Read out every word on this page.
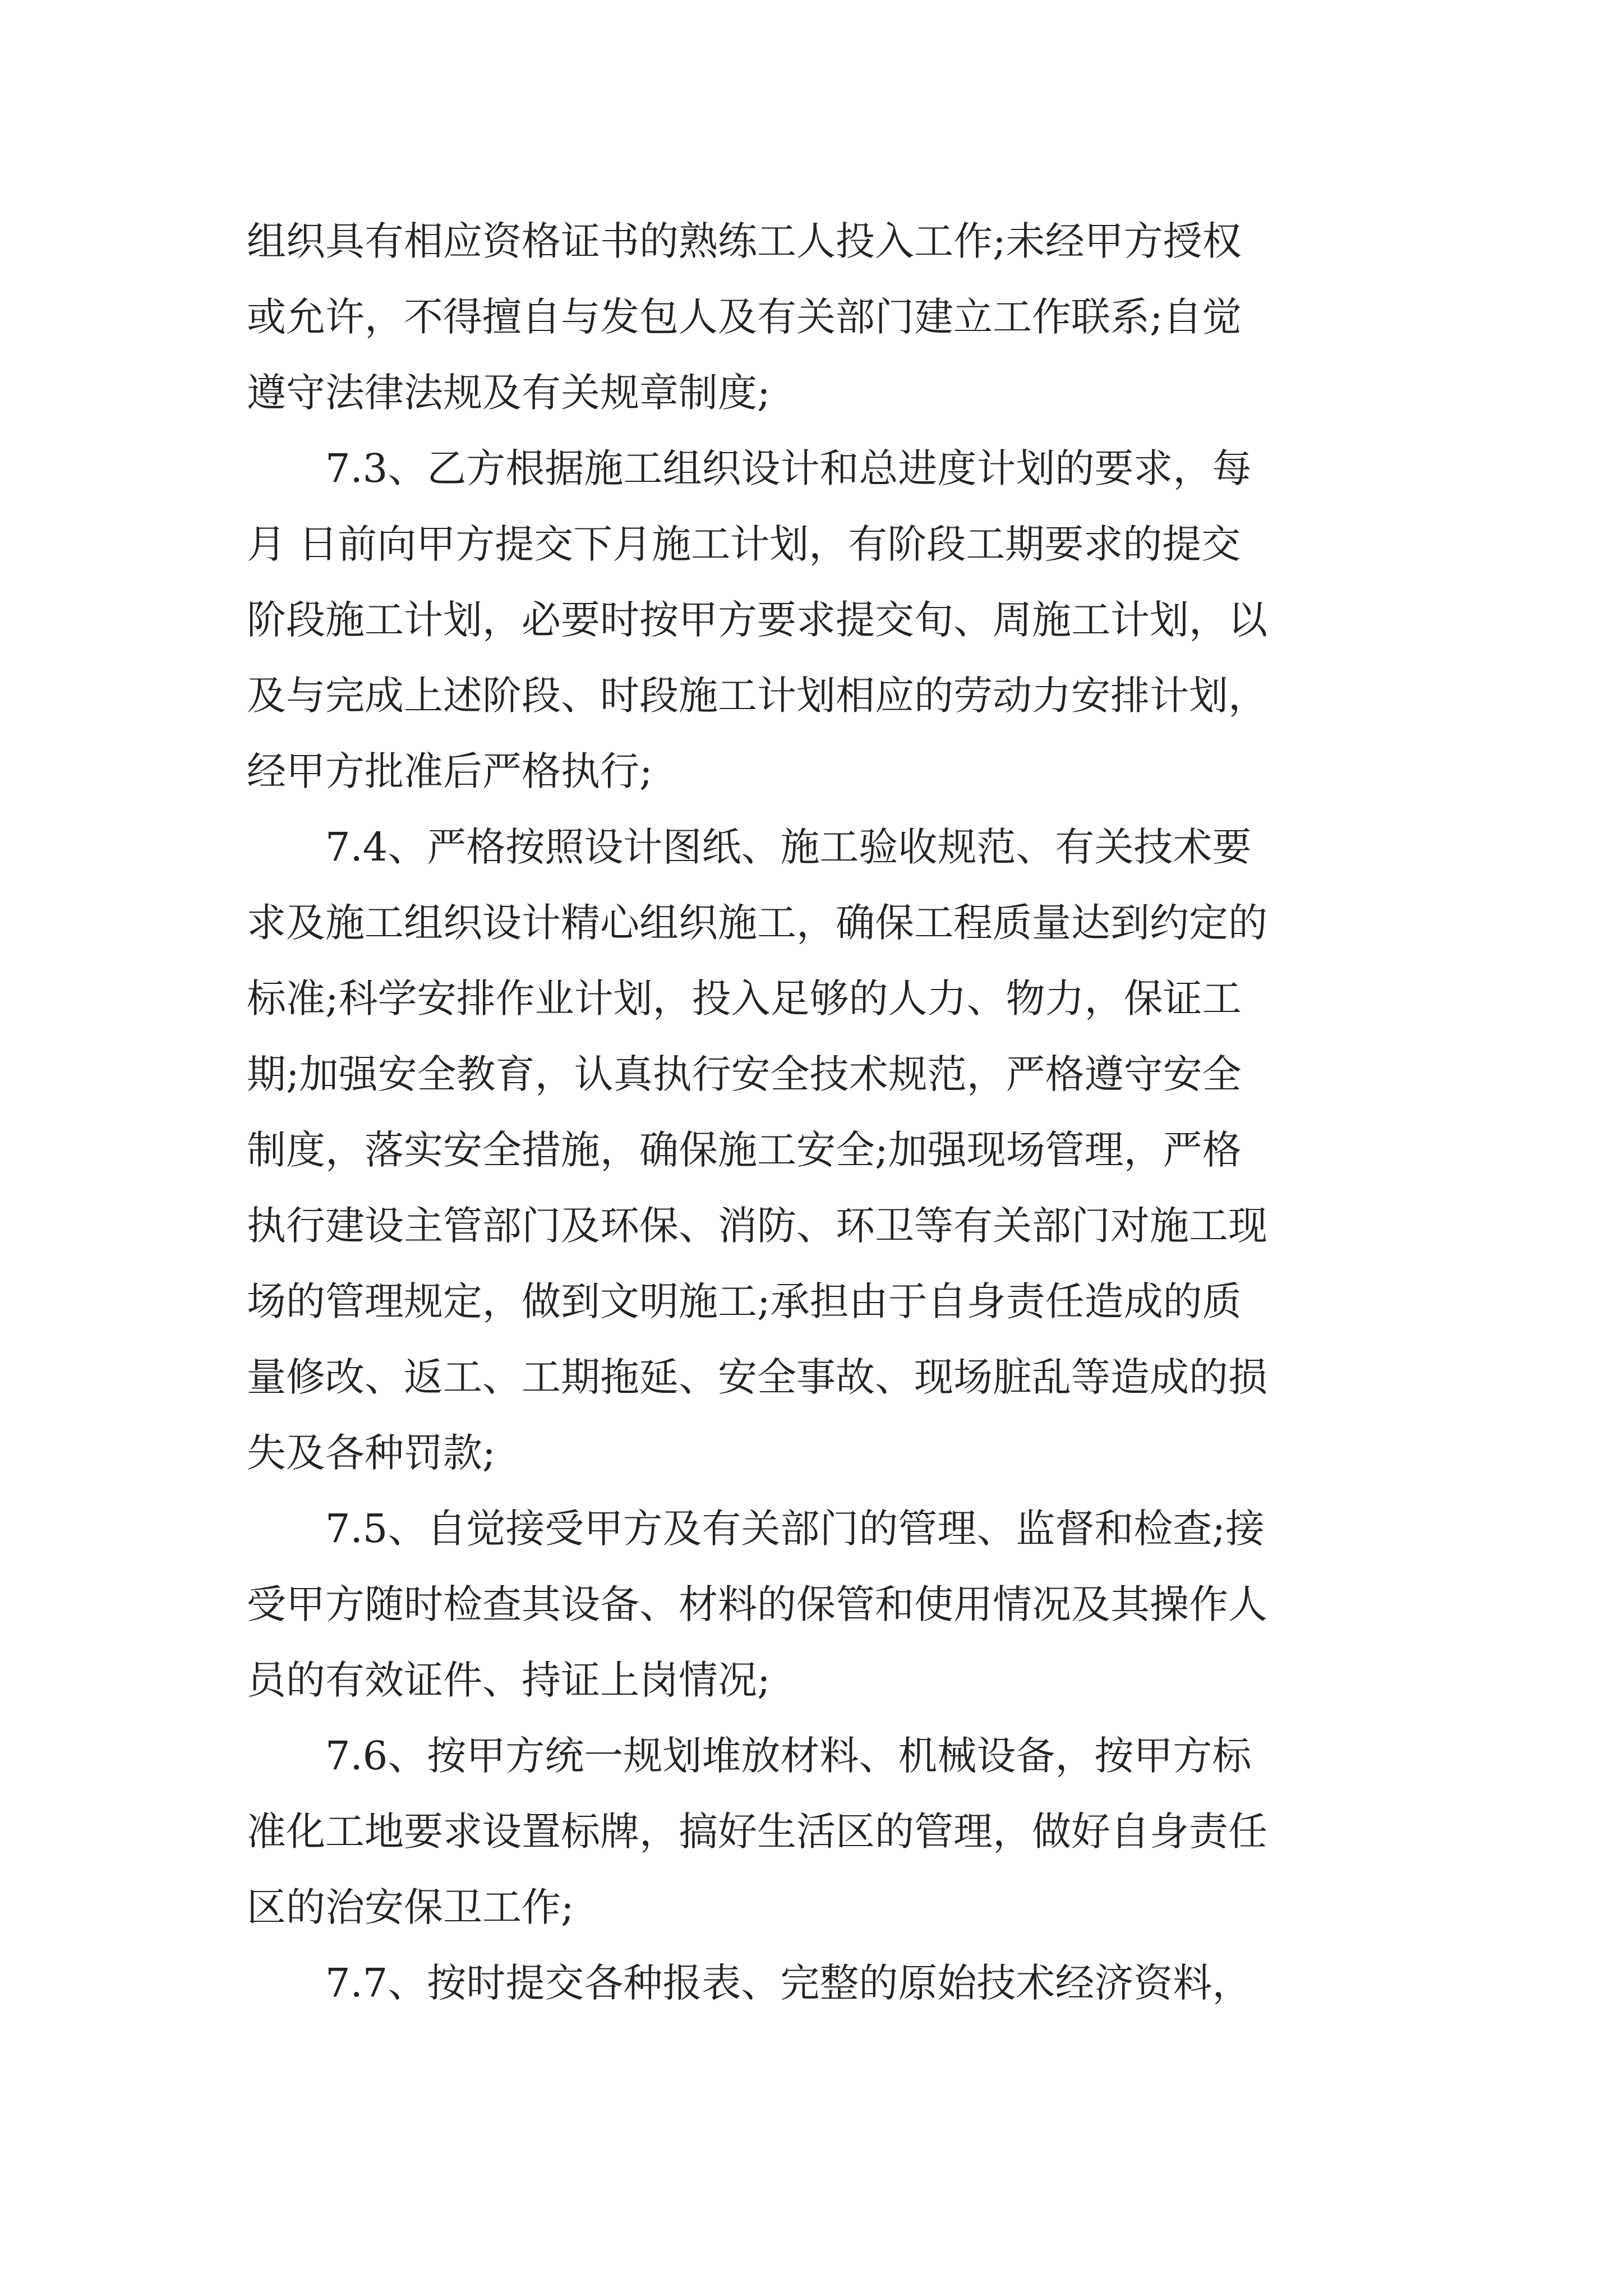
组织具有相应资格证书的熟练工人投入工作;未经甲方授权
或允许，不得擅自与发包人及有关部门建立工作联系;自觉
遵守法律法规及有关规章制度;
7.3、乙方根据施工组织设计和总进度计划的要求，每
月 日前向甲方提交下月施工计划，有阶段工期要求的提交
阶段施工计划，必要时按甲方要求提交旬、周施工计划，以
及与完成上述阶段、时段施工计划相应的劳动力安排计划，
经甲方批准后严格执行;
7.4、严格按照设计图纸、施工验收规范、有关技术要
求及施工组织设计精心组织施工，确保工程质量达到约定的
标准;科学安排作业计划，投入足够的人力、物力，保证工
期;加强安全教育，认真执行安全技术规范，严格遵守安全
制度，落实安全措施，确保施工安全;加强现场管理，严格
执行建设主管部门及环保、消防、环卫等有关部门对施工现
场的管理规定，做到文明施工;承担由于自身责任造成的质
量修改、返工、工期拖延、安全事故、现场脏乱等造成的损
失及各种罚款;
7.5、自觉接受甲方及有关部门的管理、监督和检查;接
受甲方随时检查其设备、材料的保管和使用情况及其操作人
员的有效证件、持证上岗情况;
7.6、按甲方统一规划堆放材料、机械设备，按甲方标
准化工地要求设置标牌，搞好生活区的管理，做好自身责任
区的治安保卫工作;
7.7、按时提交各种报表、完整的原始技术经济资料，
